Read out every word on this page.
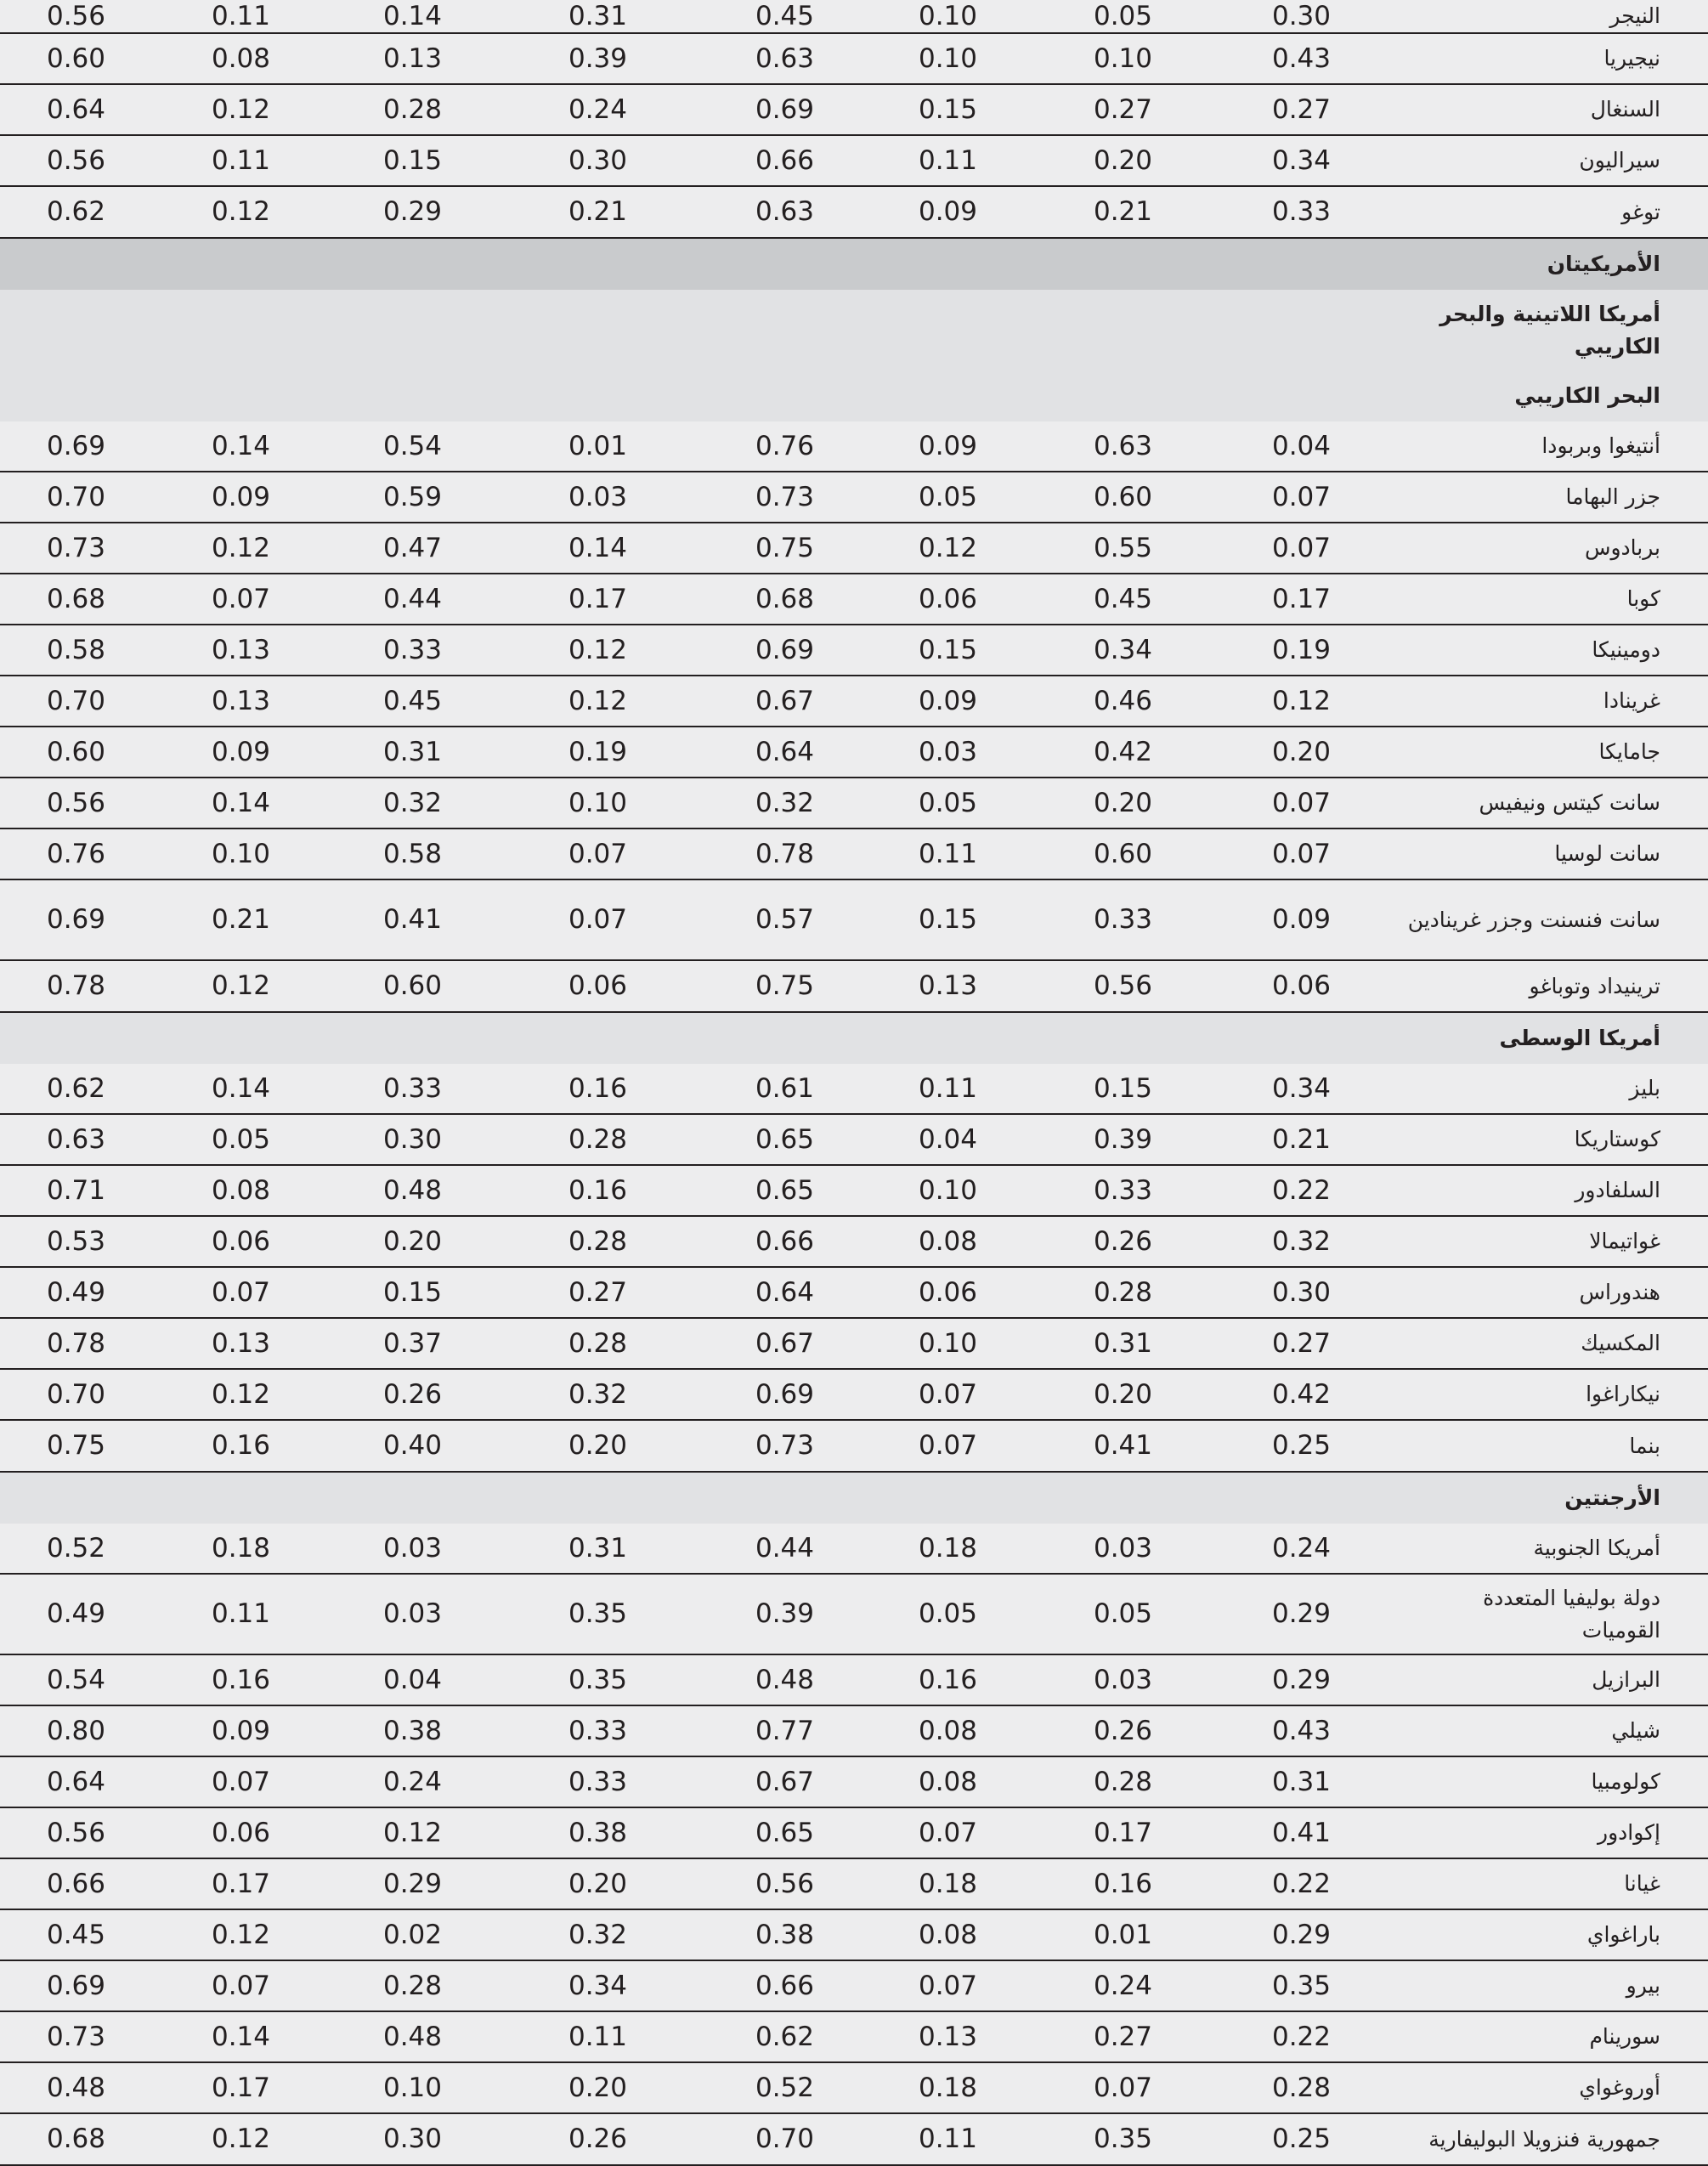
النيجر
0.30
0.05
0.10
0.45
0.31
0.14
0.11
0.56
نيجيريا
0.43
0.10
0.10
0.63
0.39
0.13
0.08
0.60
السنغال
0.27
0.27
0.15
0.69
0.24
0.28
0.12
0.64
سيراليون
0.34
0.20
0.11
0.66
0.30
0.15
0.11
0.56
توغو
0.33
0.21
0.09
0.63
0.21
0.29
0.12
0.62
الأمريكيتان
أمريكا اللاتينية والبحر الكاريبي
البحر الكاريبي
أنتيغوا وبربودا
0.04
0.63
0.09
0.76
0.01
0.54
0.14
0.69
جزر البهاما
0.07
0.60
0.05
0.73
0.03
0.59
0.09
0.70
بربادوس
0.07
0.55
0.12
0.75
0.14
0.47
0.12
0.73
كوبا
0.17
0.45
0.06
0.68
0.17
0.44
0.07
0.68
دومينيكا
0.19
0.34
0.15
0.69
0.12
0.33
0.13
0.58
غرينادا
0.12
0.46
0.09
0.67
0.12
0.45
0.13
0.70
جامايكا
0.20
0.42
0.03
0.64
0.19
0.31
0.09
0.60
سانت كيتس ونيفيس
0.07
0.20
0.05
0.32
0.10
0.32
0.14
0.56
سانت لوسيا
0.07
0.60
0.11
0.78
0.07
0.58
0.10
0.76
سانت فنسنت وجزر غرينادين
0.09
0.33
0.15
0.57
0.07
0.41
0.21
0.69
ترينيداد وتوباغو
0.06
0.56
0.13
0.75
0.06
0.60
0.12
0.78
أمريكا الوسطى
بليز
0.34
0.15
0.11
0.61
0.16
0.33
0.14
0.62
كوستاريكا
0.21
0.39
0.04
0.65
0.28
0.30
0.05
0.63
السلفادور
0.22
0.33
0.10
0.65
0.16
0.48
0.08
0.71
غواتيمالا
0.32
0.26
0.08
0.66
0.28
0.20
0.06
0.53
هندوراس
0.30
0.28
0.06
0.64
0.27
0.15
0.07
0.49
المكسيك
0.27
0.31
0.10
0.67
0.28
0.37
0.13
0.78
نيكاراغوا
0.42
0.20
0.07
0.69
0.32
0.26
0.12
0.70
بنما
0.25
0.41
0.07
0.73
0.20
0.40
0.16
0.75
الأرجنتين
أمريكا الجنوبية
0.24
0.03
0.18
0.44
0.31
0.03
0.18
0.52
دولة بوليفيا المتعددة القوميات
0.29
0.05
0.05
0.39
0.35
0.03
0.11
0.49
البرازيل
0.29
0.03
0.16
0.48
0.35
0.04
0.16
0.54
شيلي
0.43
0.26
0.08
0.77
0.33
0.38
0.09
0.80
كولومبيا
0.31
0.28
0.08
0.67
0.33
0.24
0.07
0.64
إكوادور
0.41
0.17
0.07
0.65
0.38
0.12
0.06
0.56
غيانا
0.22
0.16
0.18
0.56
0.20
0.29
0.17
0.66
باراغواي
0.29
0.01
0.08
0.38
0.32
0.02
0.12
0.45
بيرو
0.35
0.24
0.07
0.66
0.34
0.28
0.07
0.69
سورينام
0.22
0.27
0.13
0.62
0.11
0.48
0.14
0.73
أوروغواي
0.28
0.07
0.18
0.52
0.20
0.10
0.17
0.48
جمهورية فنزويلا البوليفارية
0.25
0.35
0.11
0.70
0.26
0.30
0.12
0.68
